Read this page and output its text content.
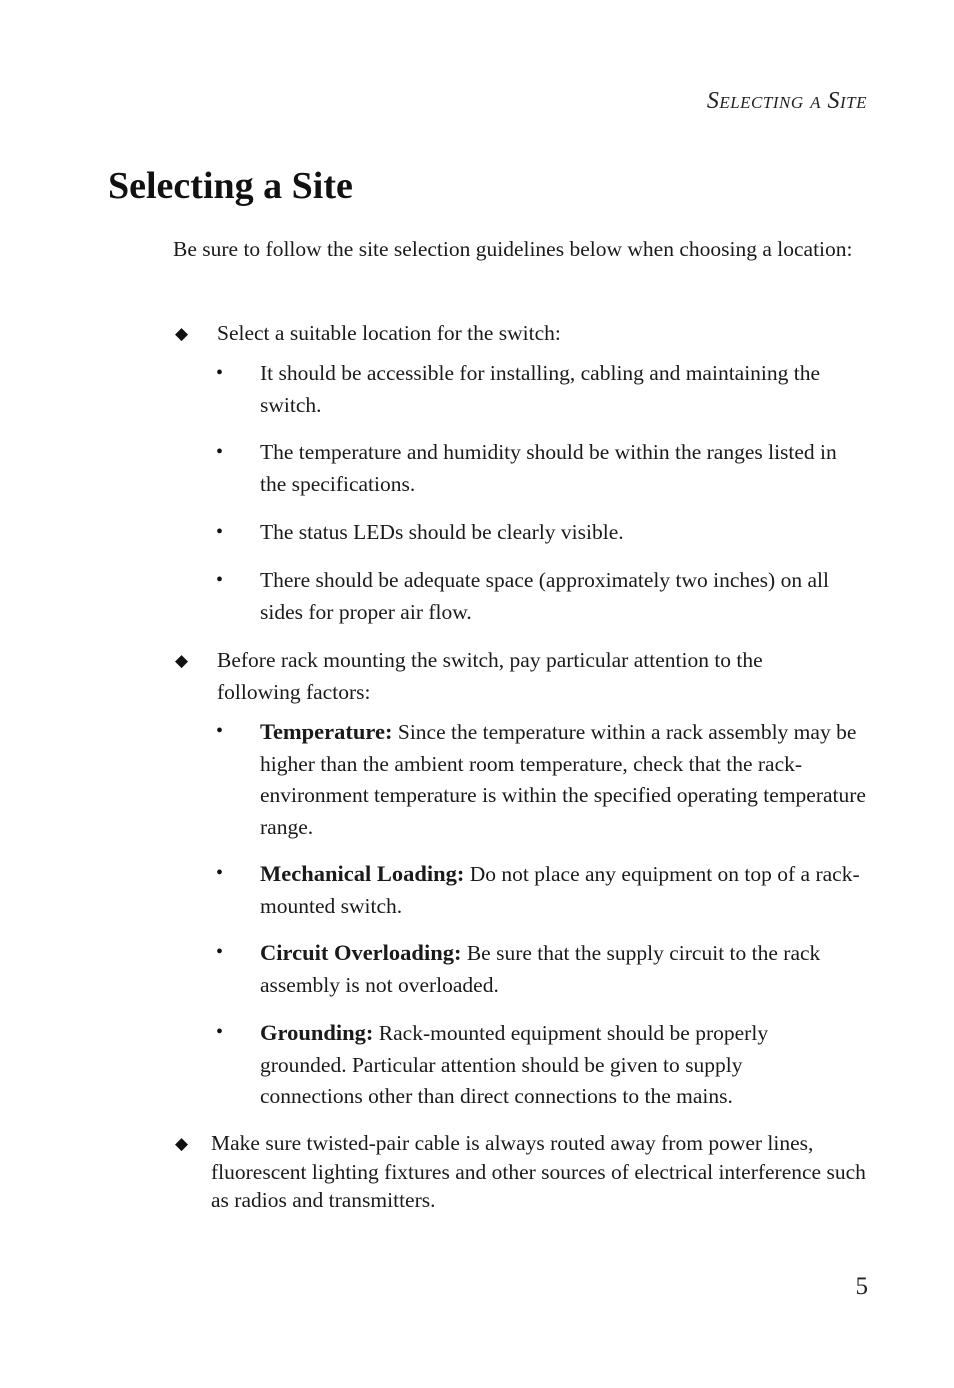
Selecting a Site
Selecting a Site

Be sure to follow the site selection guidelines below when choosing a location:

◆ Select a suitable location for the switch:
• It should be accessible for installing, cabling and maintaining the switch.
• The temperature and humidity should be within the ranges listed in the specifications.
• The status LEDs should be clearly visible.
• There should be adequate space (approximately two inches) on all sides for proper air flow.
◆ Before rack mounting the switch, pay particular attention to the following factors:
• Temperature: Since the temperature within a rack assembly may be higher than the ambient room temperature, check that the rack-environment temperature is within the specified operating temperature range.
• Mechanical Loading: Do not place any equipment on top of a rack-mounted switch.
• Circuit Overloading: Be sure that the supply circuit to the rack assembly is not overloaded.
• Grounding: Rack-mounted equipment should be properly grounded. Particular attention should be given to supply connections other than direct connections to the mains.
◆ Make sure twisted-pair cable is always routed away from power lines, fluorescent lighting fixtures and other sources of electrical interference such as radios and transmitters.
5
